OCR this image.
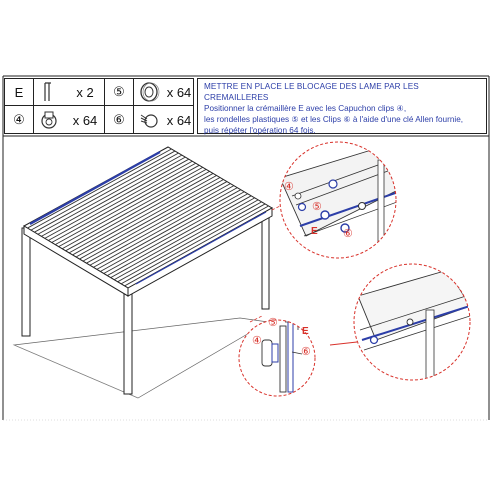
E	x 2	⑤	x 64
④	x 64	⑥	x 64
METTRE EN PLACE LE BLOCAGE DES LAME PAR LES CREMAILLERES
Positionner la crémaillère E avec les Capuchon clips ④,
les rondelles plastiques ⑤ et les Clips ⑥ à l'aide d'une clé Allen fournie,
puis répéter l'opération 64 fois.
④
⑤
E ⑥
⑤
E
④
⑥
